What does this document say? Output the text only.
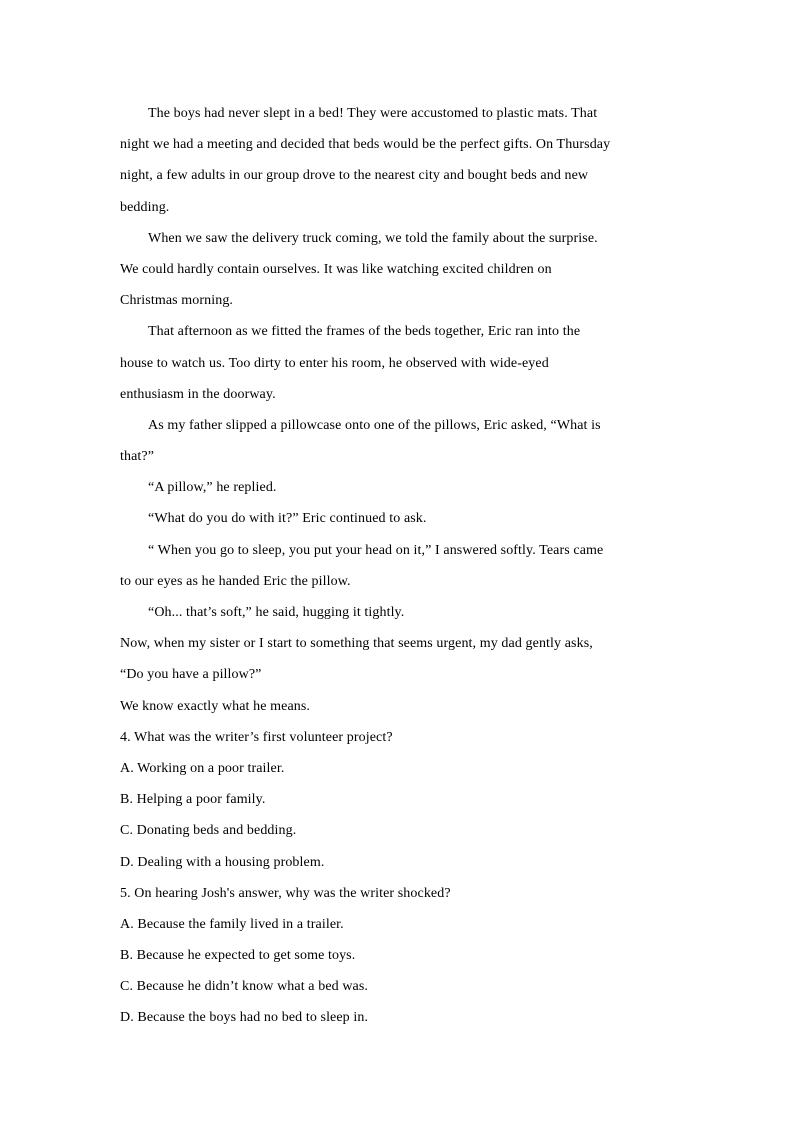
The boys had never slept in a bed! They were accustomed to plastic mats. That
night we had a meeting and decided that beds would be the perfect gifts. On Thursday
night, a few adults in our group drove to the nearest city and bought beds and new
bedding.
When we saw the delivery truck coming, we told the family about the surprise.
We could hardly contain ourselves. It was like watching excited children on
Christmas morning.
That afternoon as we fitted the frames of the beds together, Eric ran into the
house to watch us. Too dirty to enter his room, he observed with wide-eyed
enthusiasm in the doorway.
As my father slipped a pillowcase onto one of the pillows, Eric asked, “What is
that?”
“A pillow,” he replied.
“What do you do with it?” Eric continued to ask.
“ When you go to sleep, you put your head on it,” I answered softly. Tears came
to our eyes as he handed Eric the pillow.
“Oh... that’s soft,” he said, hugging it tightly.
Now, when my sister or I start to something that seems urgent, my dad gently asks,
“Do you have a pillow?”
We know exactly what he means.
4. What was the writer’s first volunteer project?
A. Working on a poor trailer.
B. Helping a poor family.
C. Donating beds and bedding.
D. Dealing with a housing problem.
5. On hearing Josh's answer, why was the writer shocked?
A. Because the family lived in a trailer.
B. Because he expected to get some toys.
C. Because he didn’t know what a bed was.
D. Because the boys had no bed to sleep in.
